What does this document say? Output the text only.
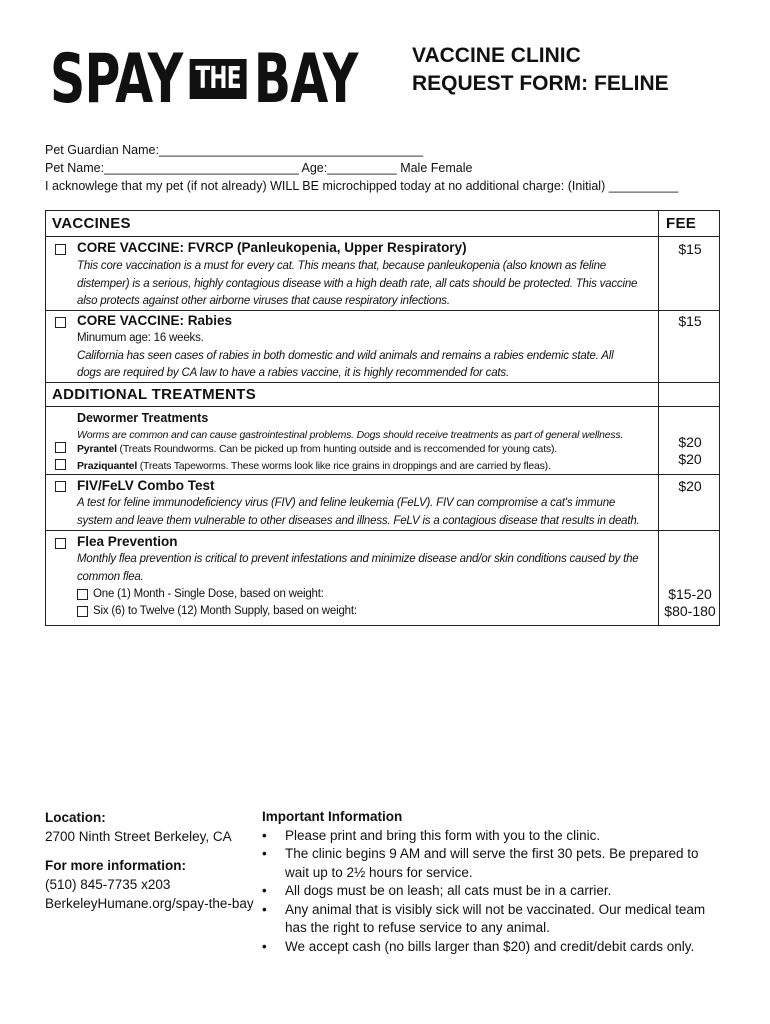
SPAY THE BAY	VACCINE CLINIC
REQUEST FORM: FELINE
Pet Guardian Name:______________________________________
Pet Name:____________________________ Age:__________ Male Female
I acknowlege that my pet (if not already) WILL BE microchipped today at no additional charge: (Initial) __________
VACCINES	FEE
CORE VACCINE: FVRCP (Panleukopenia, Upper Respiratory)
This core vaccination is a must for every cat. This means that, because panleukopenia (also known as feline
distemper) is a serious, highly contagious disease with a high death rate, all cats should be protected. This vaccine
also protects against other airborne viruses that cause respiratory infections.
$15
CORE VACCINE: Rabies
Minumum age: 16 weeks.
California has seen cases of rabies in both domestic and wild animals and remains a rabies endemic state. All
dogs are required by CA law to have a rabies vaccine, it is highly recommended for cats.
$15
ADDITIONAL TREATMENTS
Dewormer Treatments
Worms are common and can cause gastrointestinal problems. Dogs should receive treatments as part of general wellness.
Pyrantel (Treats Roundworms. Can be picked up from hunting outside and is reccomended for young cats).
Praziquantel (Treats Tapeworms. These worms look like rice grains in droppings and are carried by fleas).
$20
$20
FIV/FeLV Combo Test
A test for feline immunodeficiency virus (FIV) and feline leukemia (FeLV). FIV can compromise a cat's immune
system and leave them vulnerable to other diseases and illness. FeLV is a contagious disease that results in death.
$20
Flea Prevention
Monthly flea prevention is critical to prevent infestations and minimize disease and/or skin conditions caused by the
common flea.
One (1) Month - Single Dose, based on weight:
Six (6) to Twelve (12) Month Supply, based on weight:
$15-20
$80-180
Location:
2700 Ninth Street Berkeley, CA
For more information:
(510) 845-7735 x203
BerkeleyHumane.org/spay-the-bay
Important Information
• Please print and bring this form with you to the clinic.
• The clinic begins 9 AM and will serve the first 30 pets. Be prepared to wait up to 2½ hours for service.
• All dogs must be on leash; all cats must be in a carrier.
• Any animal that is visibly sick will not be vaccinated. Our medical team has the right to refuse service to any animal.
• We accept cash (no bills larger than $20) and credit/debit cards only.
